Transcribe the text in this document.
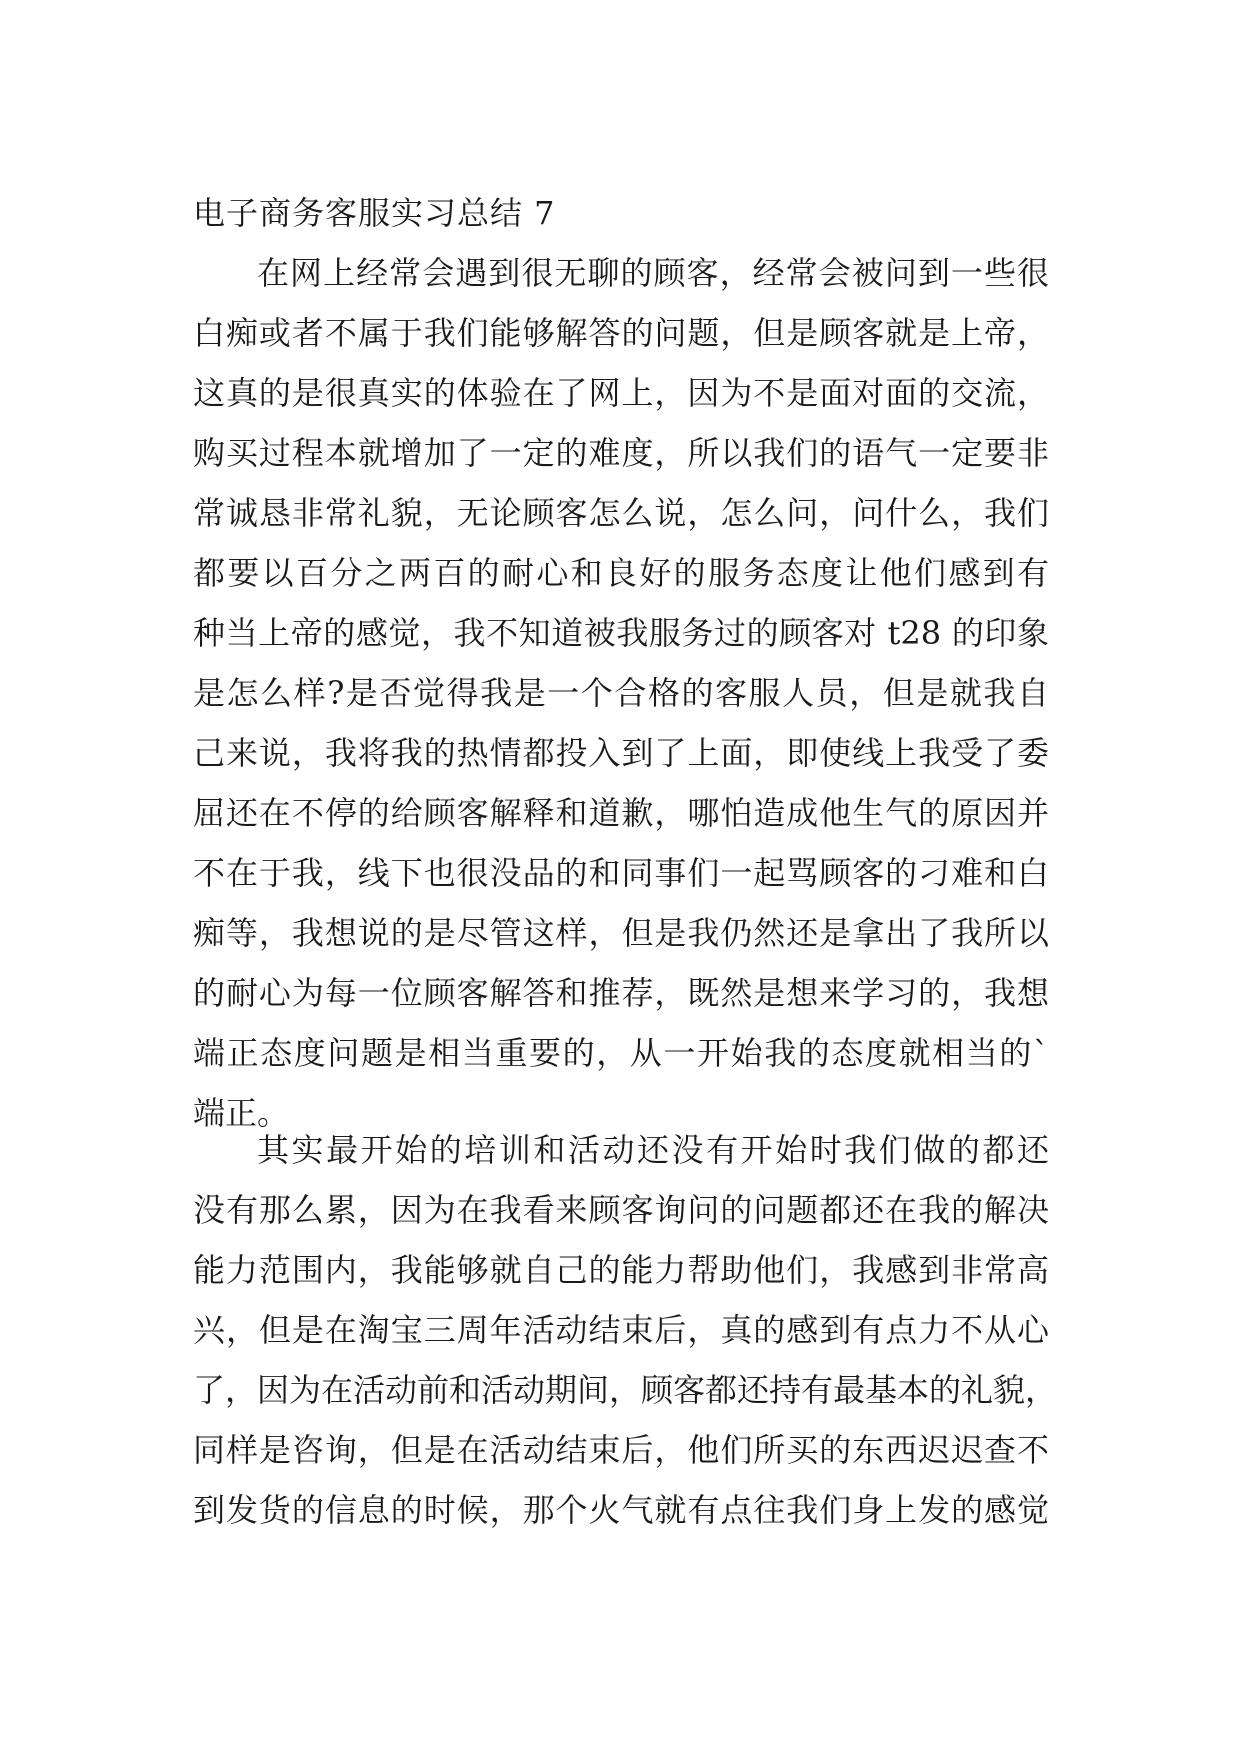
电子商务客服实习总结 7
在网上经常会遇到很无聊的顾客，经常会被问到一些很
白痴或者不属于我们能够解答的问题，但是顾客就是上帝，
这真的是很真实的体验在了网上，因为不是面对面的交流，
购买过程本就增加了一定的难度，所以我们的语气一定要非
常诚恳非常礼貌，无论顾客怎么说，怎么问，问什么，我们
都要以百分之两百的耐心和良好的服务态度让他们感到有
种当上帝的感觉，我不知道被我服务过的顾客对 t28 的印象
是怎么样?是否觉得我是一个合格的客服人员，但是就我自
己来说，我将我的热情都投入到了上面，即使线上我受了委
屈还在不停的给顾客解释和道歉，哪怕造成他生气的原因并
不在于我，线下也很没品的和同事们一起骂顾客的刁难和白
痴等，我想说的是尽管这样，但是我仍然还是拿出了我所以
的耐心为每一位顾客解答和推荐，既然是想来学习的，我想
端正态度问题是相当重要的，从一开始我的态度就相当的`
端正。
其实最开始的培训和活动还没有开始时我们做的都还
没有那么累，因为在我看来顾客询问的问题都还在我的解决
能力范围内，我能够就自己的能力帮助他们，我感到非常高
兴，但是在淘宝三周年活动结束后，真的感到有点力不从心
了，因为在活动前和活动期间，顾客都还持有最基本的礼貌，
同样是咨询，但是在活动结束后，他们所买的东西迟迟查不
到发货的信息的时候，那个火气就有点往我们身上发的感觉
